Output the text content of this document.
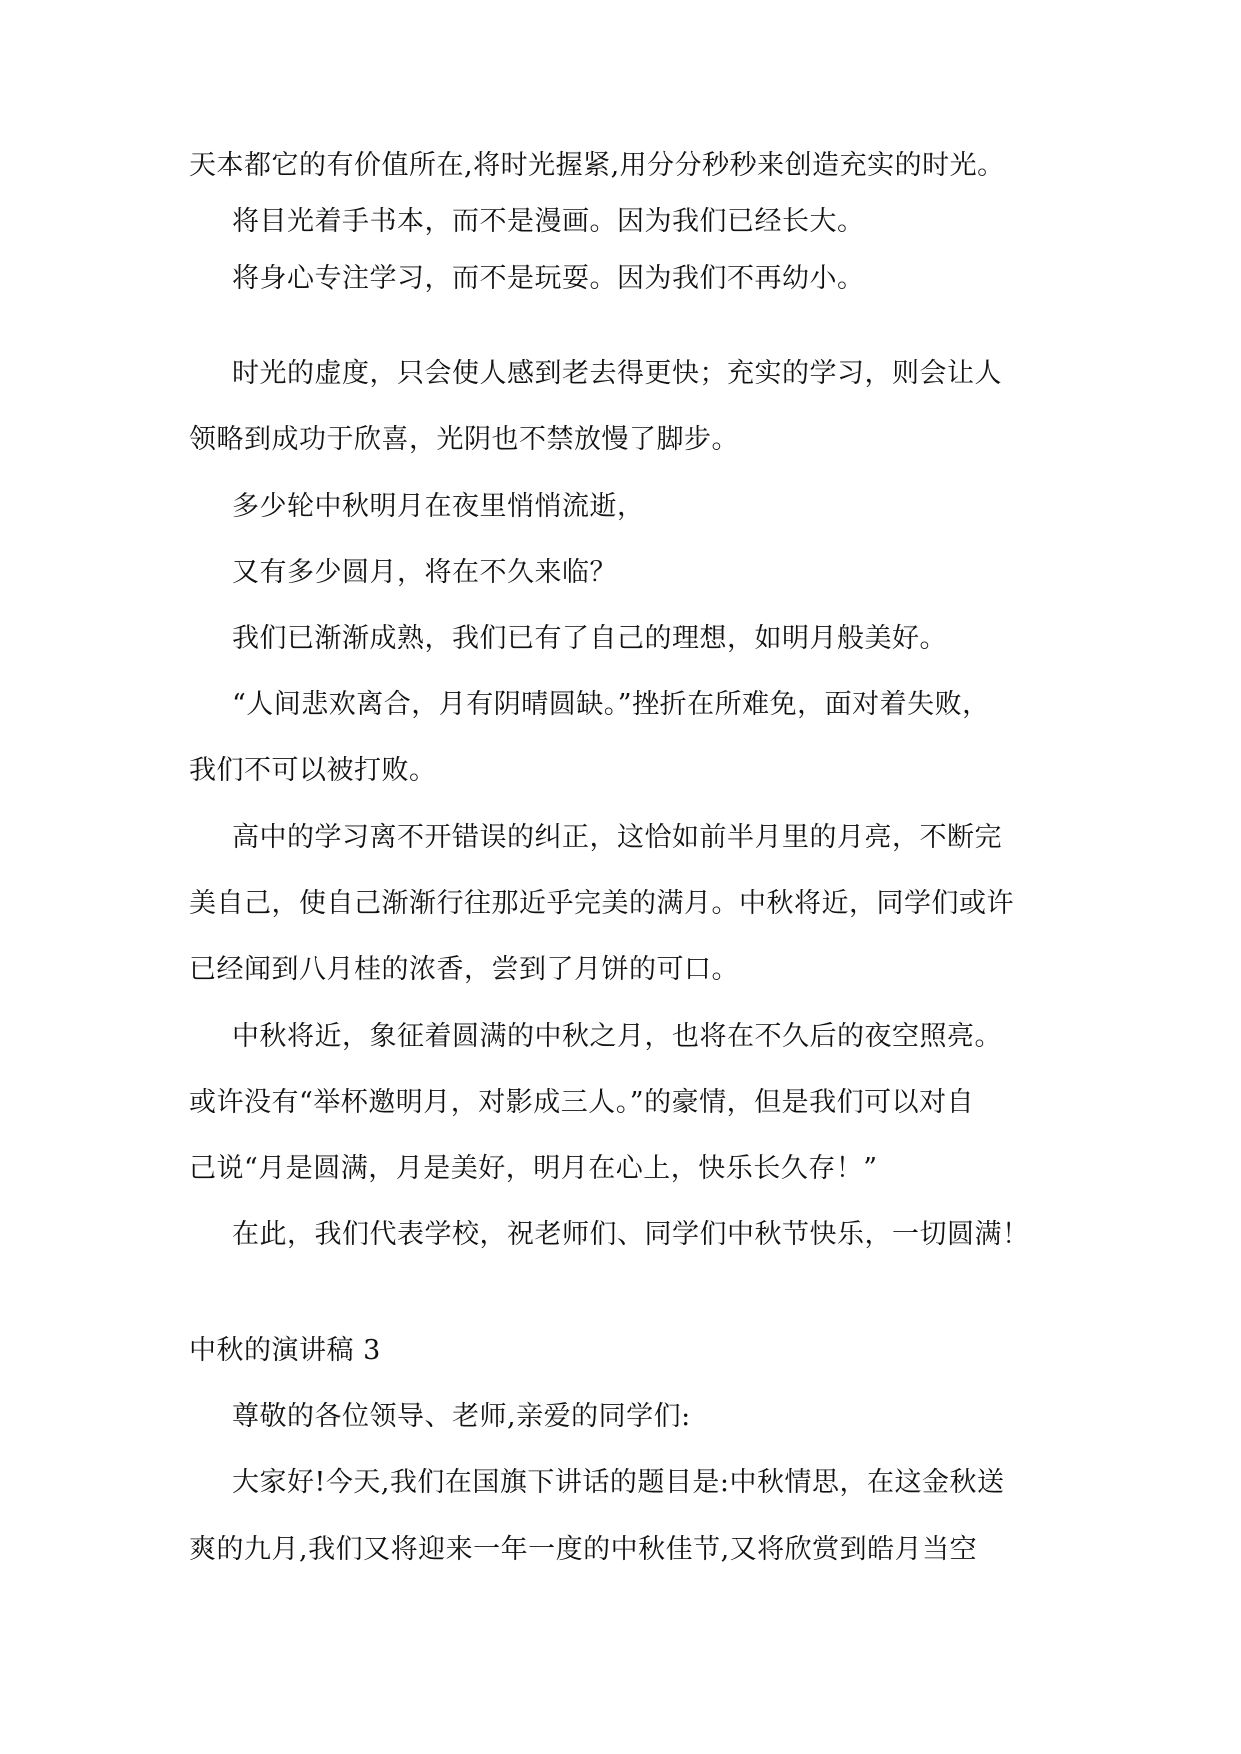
天本都它的有价值所在,将时光握紧,用分分秒秒来创造充实的时光。
将目光着手书本，而不是漫画。因为我们已经长大。
将身心专注学习，而不是玩耍。因为我们不再幼小。
时光的虚度，只会使人感到老去得更快；充实的学习，则会让人
领略到成功于欣喜，光阴也不禁放慢了脚步。
多少轮中秋明月在夜里悄悄流逝，
又有多少圆月，将在不久来临？
我们已渐渐成熟，我们已有了自己的理想，如明月般美好。
“人间悲欢离合，月有阴晴圆缺。”挫折在所难免，面对着失败，
我们不可以被打败。
高中的学习离不开错误的纠正，这恰如前半月里的月亮，不断完
美自己，使自己渐渐行往那近乎完美的满月。中秋将近，同学们或许
已经闻到八月桂的浓香，尝到了月饼的可口。
中秋将近，象征着圆满的中秋之月，也将在不久后的夜空照亮。
或许没有“举杯邀明月，对影成三人。”的豪情，但是我们可以对自
己说“月是圆满，月是美好，明月在心上，快乐长久存！”
在此，我们代表学校，祝老师们、同学们中秋节快乐，一切圆满！
中秋的演讲稿 3
尊敬的各位领导、老师,亲爱的同学们:
大家好!今天,我们在国旗下讲话的题目是:中秋情思，在这金秋送
爽的九月,我们又将迎来一年一度的中秋佳节,又将欣赏到皓月当空
